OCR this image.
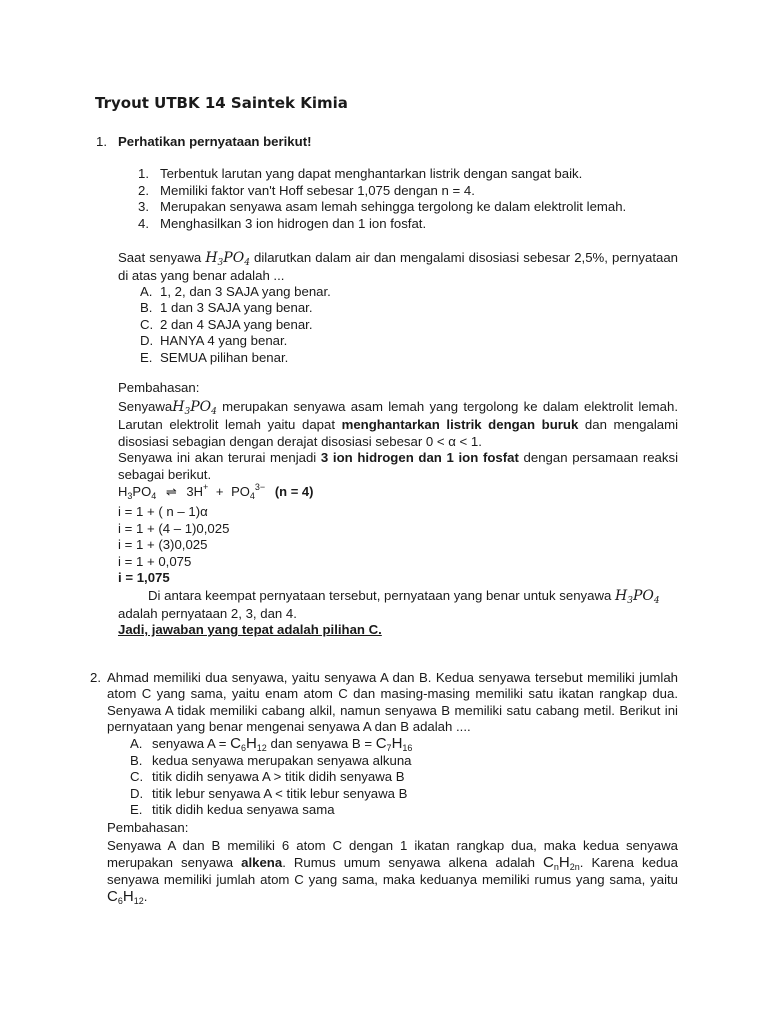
Tryout UTBK 14 Saintek Kimia
1. Perhatikan pernyataan berikut!
1. Terbentuk larutan yang dapat menghantarkan listrik dengan sangat baik.
2. Memiliki faktor van't Hoff sebesar 1,075 dengan n = 4.
3. Merupakan senyawa asam lemah sehingga tergolong ke dalam elektrolit lemah.
4. Menghasilkan 3 ion hidrogen dan 1 ion fosfat.
Saat senyawa $H_3PO_4$ dilarutkan dalam air dan mengalami disosiasi sebesar 2,5%, pernyataan di atas yang benar adalah ...
A. 1, 2, dan 3 SAJA yang benar.
B. 1 dan 3 SAJA yang benar.
C. 2 dan 4 SAJA yang benar.
D. HANYA 4 yang benar.
E. SEMUA pilihan benar.
Pembahasan:
$SenyawaH_3PO_4$ merupakan senyawa asam lemah yang tergolong ke dalam elektrolit lemah. Larutan elektrolit lemah yaitu dapat menghantarkan listrik dengan buruk dan mengalami disosiasi sebagian dengan derajat disosiasi sebesar 0 < α < 1.
Senyawa ini akan terurai menjadi 3 ion hidrogen dan 1 ion fosfat dengan persamaan reaksi sebagai berikut.
$H_3PO_4$ ⇌ $3H^+ + PO_4^{3-}$ (n = 4)
i = 1 + ( n – 1)α
i = 1 + (4 – 1)0,025
i = 1 + (3)0,025
i = 1 + 0,075
i = 1,075
Di antara keempat pernyataan tersebut, pernyataan yang benar untuk senyawa $H_3PO_4$
adalah pernyataan 2, 3, dan 4.
Jadi, jawaban yang tepat adalah pilihan C.
2. Ahmad memiliki dua senyawa, yaitu senyawa A dan B. Kedua senyawa tersebut memiliki jumlah atom C yang sama, yaitu enam atom C dan masing-masing memiliki satu ikatan rangkap dua. Senyawa A tidak memiliki cabang alkil, namun senyawa B memiliki satu cabang metil. Berikut ini pernyataan yang benar mengenai senyawa A dan B adalah ....
A. senyawa $A = C_6H_{12}$ dan senyawa $B = C_7H_{16}$
B. kedua senyawa merupakan senyawa alkuna
C. titik didih senyawa A > titik didih senyawa B
D. titik lebur senyawa A < titik lebur senyawa B
E. titik didih kedua senyawa sama
Pembahasan:
Senyawa A dan B memiliki 6 atom C dengan 1 ikatan rangkap dua, maka kedua senyawa merupakan senyawa alkena. Rumus umum senyawa alkena adalah $C_nH_{2n}$. Karena kedua senyawa memiliki jumlah atom C yang sama, maka keduanya memiliki rumus yang sama, yaitu $C_6H_{12}$.
